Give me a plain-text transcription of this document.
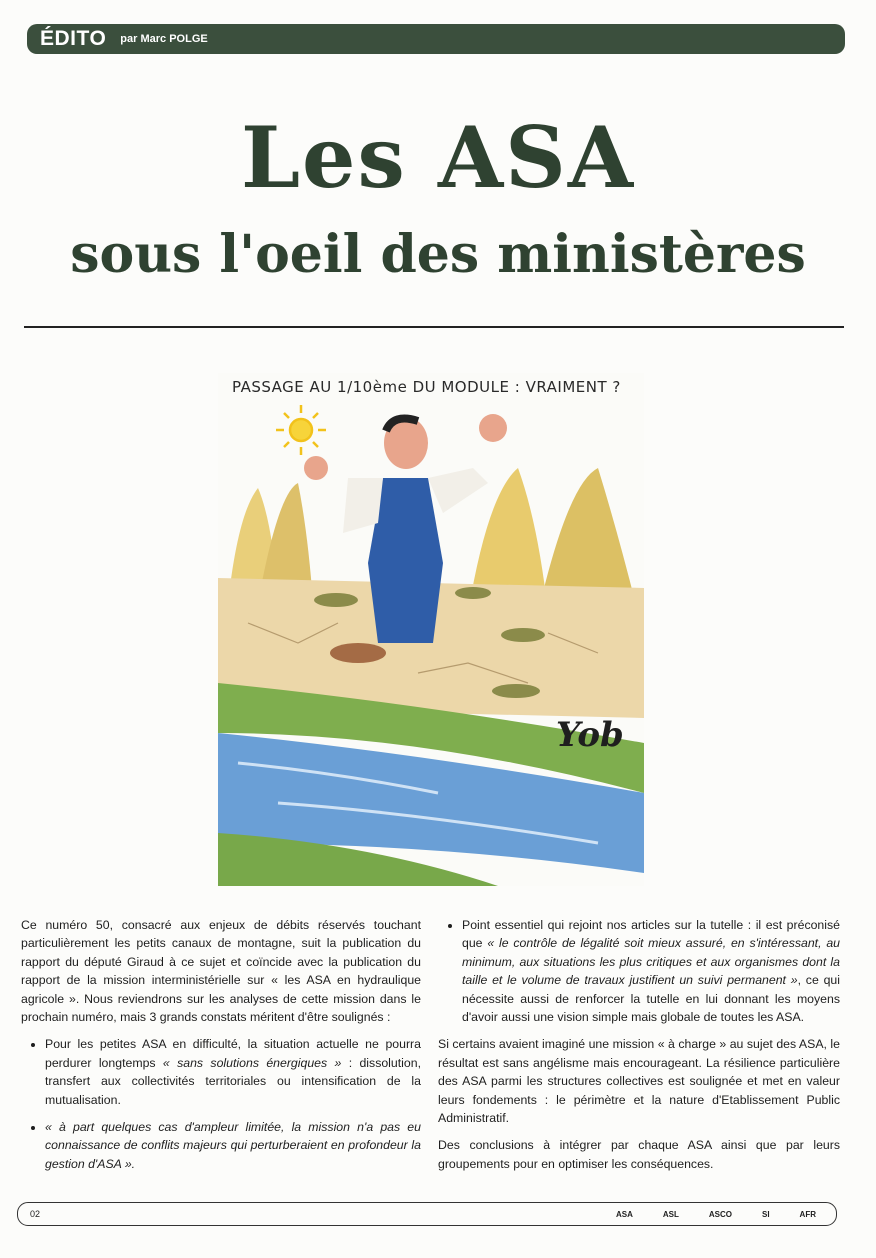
ÉDITO par Marc POLGE
Les ASA
sous l'oeil des ministères
PASSAGE AU 1/10ème DU MODULE : VRAIMENT ?
Yob

Ce numéro 50, consacré aux enjeux de débits réservés touchant particulièrement les petits canaux de montagne, suit la publication du rapport du député Giraud à ce sujet et coïncide avec la publication du rapport de la mission interministérielle sur « les ASA en hydraulique agricole ». Nous reviendrons sur les analyses de cette mission dans le prochain numéro, mais 3 grands constats méritent d'être soulignés :

• Pour les petites ASA en difficulté, la situation actuelle ne pourra perdurer longtemps « sans solutions énergiques » : dissolution, transfert aux collectivités territoriales ou intensification de la mutualisation.
• « à part quelques cas d'ampleur limitée, la mission n'a pas eu connaissance de conflits majeurs qui perturberaient en profondeur la gestion d'ASA ».
• Point essentiel qui rejoint nos articles sur la tutelle : il est préconisé que « le contrôle de légalité soit mieux assuré, en s'intéressant, au minimum, aux situations les plus critiques et aux organismes dont la taille et le volume de travaux justifient un suivi permanent », ce qui nécessite aussi de renforcer la tutelle en lui donnant les moyens d'avoir aussi une vision simple mais globale de toutes les ASA.

Si certains avaient imaginé une mission « à charge » au sujet des ASA, le résultat est sans angélisme mais encourageant. La résilience particulière des ASA parmi les structures collectives est soulignée et met en valeur leurs fondements : le périmètre et la nature d'Etablissement Public Administratif.

Des conclusions à intégrer par chaque ASA ainsi que par leurs groupements pour en optimiser les conséquences.

02	ASA	ASL	ASCO	SI	AFR
